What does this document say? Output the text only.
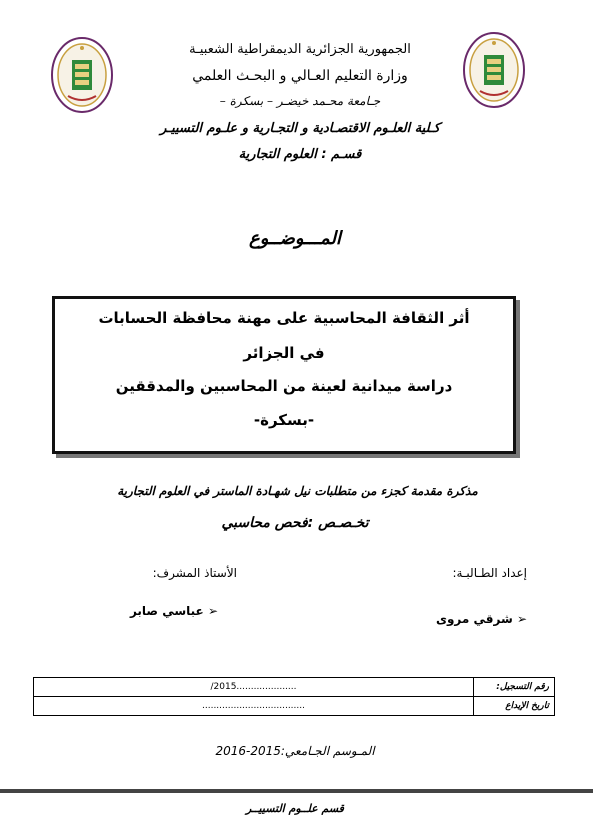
الجمهورية الجزائرية الديمقراطية الشعبيـة
وزارة التعليم العـالي و البحـث العلمي
جـامعة محـمد خيضـر – بسكرة –
كـلية العلـوم الاقتصـادية و التجـارية و علـوم التسييـر
قسـم : العلوم التجارية
المـــوضــوع
أثر الثقافة المحاسبية على مهنة محافظة الحسابات
في الجزائر
دراسة ميدانية لعينة من المحاسبين والمدققين
-بسكرة-
مذكرة مقدمة كجزء من متطلبات نيل شهـادة الماستر في العلوم التجارية
تخـصـص :فحص محاسبي
إعداد الطـالبـة:
الأستاذ المشرف:
➢ شرقي مروى
➢ عباسي صابر
/2015.....................	رقم التسجيل:
....................................	تاريخ الإيداع
المـوسم الجـامعي:2015-2016
قسم علــوم التسييــر
